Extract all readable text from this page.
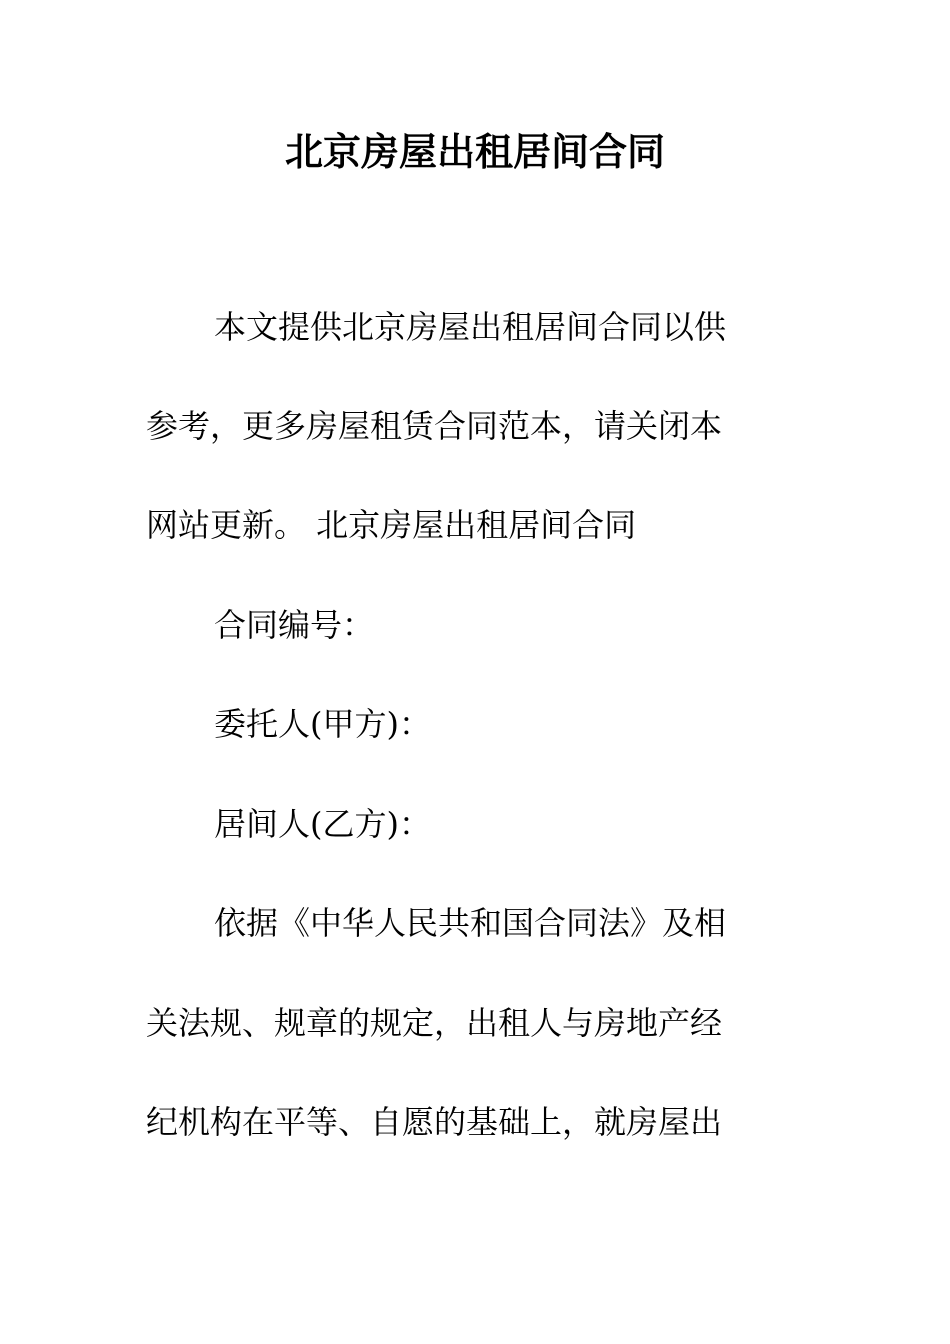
北京房屋出租居间合同

本文提供北京房屋出租居间合同以供

参考，更多房屋租赁合同范本，请关闭本

网站更新。 北京房屋出租居间合同

合同编号：

委托人(甲方)：

居间人(乙方)：

依据《中华人民共和国合同法》及相

关法规、规章的规定，出租人与房地产经

纪机构在平等、自愿的基础上，就房屋出
